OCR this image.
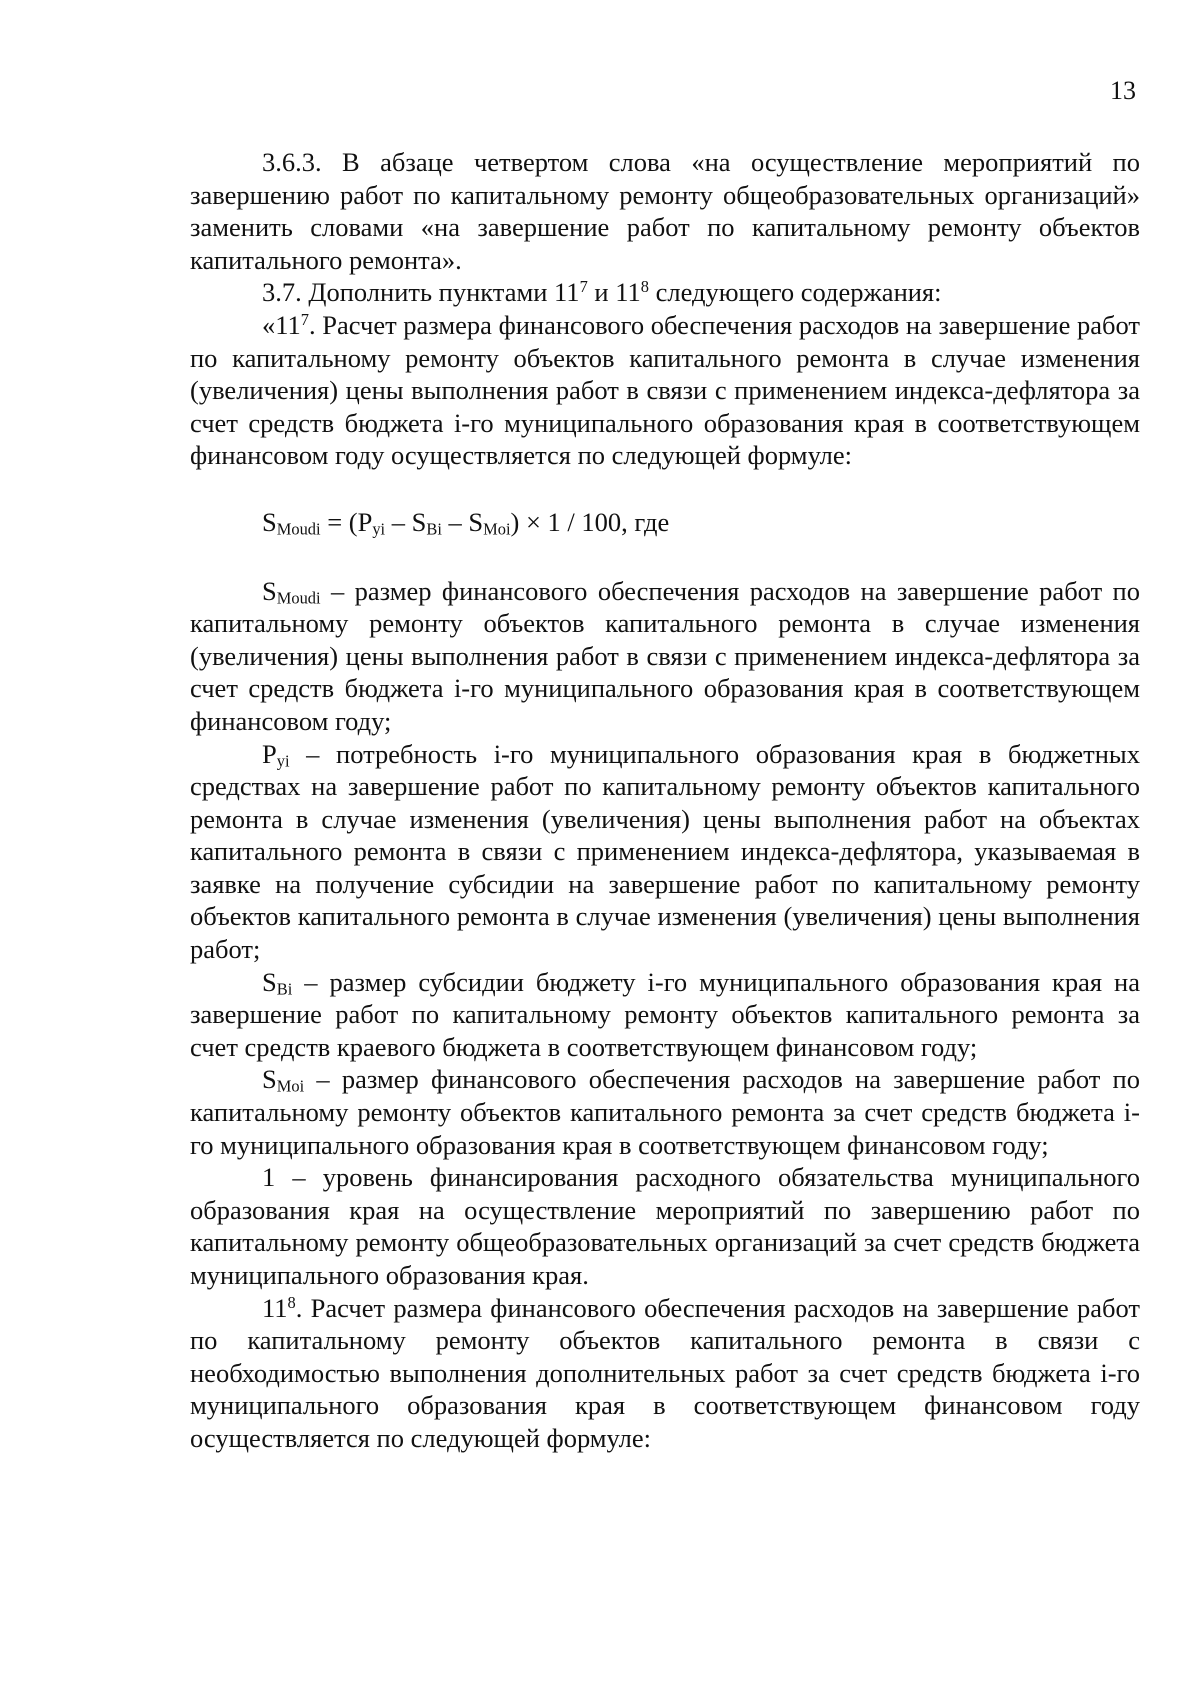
13

3.6.3. В абзаце четвертом слова «на осуществление мероприятий по завершению работ по капитальному ремонту общеобразовательных организаций» заменить словами «на завершение работ по капитальному ремонту объектов капитального ремонта».

3.7. Дополнить пунктами $11^7$ и $11^8$ следующего содержания:

«$11^7$. Расчет размера финансового обеспечения расходов на завершение работ по капитальному ремонту объектов капитального ремонта в случае изменения (увеличения) цены выполнения работ в связи с применением индекса-дефлятора за счет средств бюджета i-го муниципального образования края в соответствующем финансовом году осуществляется по следующей формуле:

$S_{Moudi} = (P_{yi} - S_{Bi} - S_{Moi}) \times 1 / 100$, где

$S_{Moudi}$ – размер финансового обеспечения расходов на завершение работ по капитальному ремонту объектов капитального ремонта в случае изменения (увеличения) цены выполнения работ в связи с применением индекса-дефлятора за счет средств бюджета i-го муниципального образования края в соответствующем финансовом году;

$P_{yi}$ – потребность i-го муниципального образования края в бюджетных средствах на завершение работ по капитальному ремонту объектов капитального ремонта в случае изменения (увеличения) цены выполнения работ на объектах капитального ремонта в связи с применением индекса-дефлятора, указываемая в заявке на получение субсидии на завершение работ по капитальному ремонту объектов капитального ремонта в случае изменения (увеличения) цены выполнения работ;

$S_{Bi}$ – размер субсидии бюджету i-го муниципального образования края на завершение работ по капитальному ремонту объектов капитального ремонта за счет средств краевого бюджета в соответствующем финансовом году;

$S_{Moi}$ – размер финансового обеспечения расходов на завершение работ по капитальному ремонту объектов капитального ремонта за счет средств бюджета i-го муниципального образования края в соответствующем финансовом году;

1 – уровень финансирования расходного обязательства муниципального образования края на осуществление мероприятий по завершению работ по капитальному ремонту общеобразовательных организаций за счет средств бюджета муниципального образования края.

$11^8$. Расчет размера финансового обеспечения расходов на завершение работ по капитальному ремонту объектов капитального ремонта в связи с необходимостью выполнения дополнительных работ за счет средств бюджета i-го муниципального образования края в соответствующем финансовом году осуществляется по следующей формуле:
